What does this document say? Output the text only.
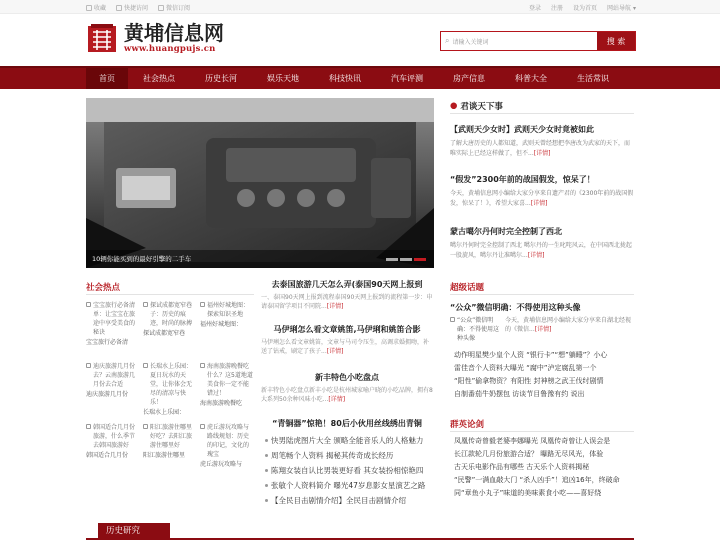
收藏	快捷访问	微信订阅	登录 注册 设为首页 网站导航 ▾
黄埔信息网
www.huangpujs.cn
⌕ 请输入关键词	搜 索
首页	社会热点	历史长河	娱乐天地	科技快讯	汽车评测	房产信息	科普大全	生活常识
10辆你能买到的最好引擎的二手车
● 君谈天下事
【武则天少女时】武则天少女时竟被如此
了解大唐历史的人都知道，武则天曾经想把李唐改为武家的天下，而唯实际上已经这样做了，但不...[详情]
“假发”2300年前的战国假发，惊呆了！
今天，黄埔信息网小编给大家分享来自遗产君的《2300年前的战国假发，惊呆了！》，希望大家喜...[详情]
蒙古噶尔丹何时完全控制了西北
噶尔丹何时完全控制了西北 噶尔丹的一生叱咤风云，在中国西北拢起一股旋风，噶尔丹让准噶尔...[详情]
社会热点
宝宝旅行必备清单：让宝宝在旅途中享受美食的秘诀
宝宝旅行必备清
探试成都宽窄巷子：历史的痕迹，时尚的脉搏
探试成都宽窄巷
福州好城地图：探索知识圣地
福州好城地图：
迪庆旅游几月份去？云南旅游几月份去合适
迪庆旅游几月份
长瑞水上乐园：夏日玩水的天堂，让你体会无尽的清凉与快乐！
长瑞水上乐园：
海南旅游晚餐吃什么？这5道地道美食你一定不能错过！
海南旅游晚餐吃
韩国适合几月份旅游，什么季节去韩国旅游好
韩国适合几月份
阳江旅游住哪里好吃？去阳江旅游住哪里好
阳江旅游住哪里
虎丘游玩攻略与路线规划：历史的印记，文化的瑰宝
虎丘游玩攻略与
去泰国旅游几天怎么弄(泰国90天网上报到
一、泰国90天网上报到流程泰国90天网上报到的流程第一步：申请泰国留学项目不同院...[详情]
马伊琍怎么看文章姚笛,马伊琍和姚笛合影
马伊琍怎么看文章姚笛，文章与马司令压生，高调求婚拥吻，补送了钻戒，刷定了孩子...[详情]
新丰特色小吃盘点
新丰特色小吃盘点新丰小吃是杭州城家喻户晓的小吃品牌，拥有8大系列50余种风味小吃...[详情]
“青铜器”惊艳！80后小伙用丝线绣出青铜
快男陆虎图片大全 颁略全能音乐人的人格魅力
周笔畅个人资料 揭秘其传奇成长经历
陈翔女装自认比男装更好看 其女装扮相惊艳四
张敏个人资料简介 曝光47岁息影女星演艺之路
【全民目击剧情介绍】全民目击剧情介绍
超级话题
“公众”微信明确：不得使用这种头像
“公众”微信明确：不得使用这种头像
今天，黄埔信息网小编给大家分享来自湖北经视的《微信...[详情]
动作明星樊少皇个人资 “银行卡”“想”躺睡”？小心
雷佳音个人资料大曝光 “腐中”泸定腐乱第一个
“阳性”偷拿物资？有阳性 封神榜之武王伐纣剧情
自制番茄牛奶摆包 访谈节目鲁豫有约 说出
群英论剑
凤凰传奇曾毅老婆李娜曝光 凤凰传奇曾让人误会是
长江款轮几月份旅游合适？ 曝路无尽风光，体验
古天乐电影作品有哪些 古天乐个人资料揭秘
“民警”一满血敲大门 “杀人凶手”！追凶16年，终破命
同“章鱼小丸子”味道的美味素食小吃——喜好绕
历史研究
